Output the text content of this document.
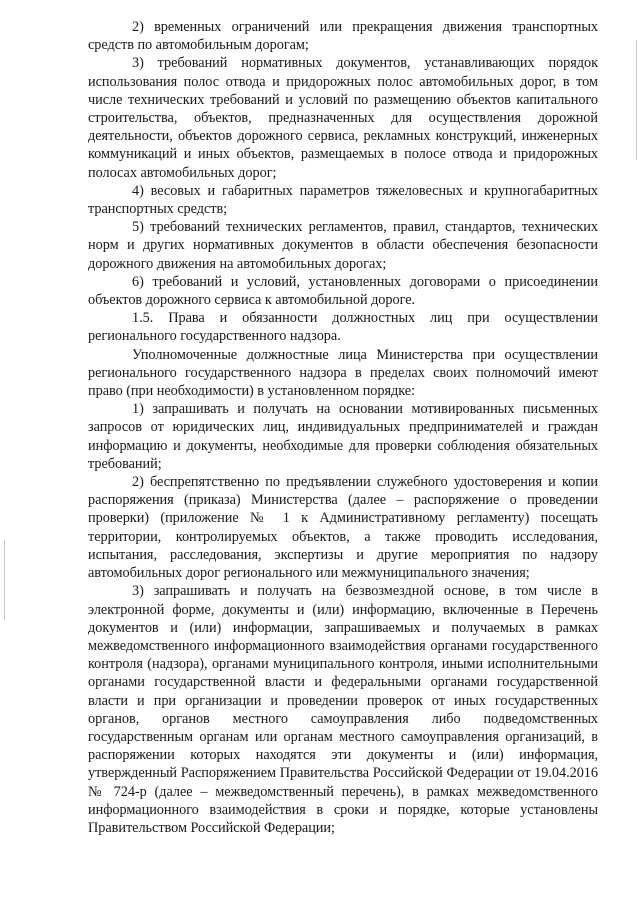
2) временных ограничений или прекращения движения транспортных средств по автомобильным дорогам;

3) требований нормативных документов, устанавливающих порядок использования полос отвода и придорожных полос автомобильных дорог, в том числе технических требований и условий по размещению объектов капитального строительства, объектов, предназначенных для осуществления дорожной деятельности, объектов дорожного сервиса, рекламных конструкций, инженерных коммуникаций и иных объектов, размещаемых в полосе отвода и придорожных полосах автомобильных дорог;

4) весовых и габаритных параметров тяжеловесных и крупногабаритных транспортных средств;

5) требований технических регламентов, правил, стандартов, технических норм и других нормативных документов в области обеспечения безопасности дорожного движения на автомобильных дорогах;

6) требований и условий, установленных договорами о присоединении объектов дорожного сервиса к автомобильной дороге.

1.5. Права и обязанности должностных лиц при осуществлении регионального государственного надзора.

Уполномоченные должностные лица Министерства при осуществлении регионального государственного надзора в пределах своих полномочий имеют право (при необходимости) в установленном порядке:

1) запрашивать и получать на основании мотивированных письменных запросов от юридических лиц, индивидуальных предпринимателей и граждан информацию и документы, необходимые для проверки соблюдения обязательных требований;

2) беспрепятственно по предъявлении служебного удостоверения и копии распоряжения (приказа) Министерства (далее – распоряжение о проведении проверки) (приложение № 1 к Административному регламенту) посещать территории, контролируемых объектов, а также проводить исследования, испытания, расследования, экспертизы и другие мероприятия по надзору автомобильных дорог регионального или межмуниципального значения;

3) запрашивать и получать на безвозмездной основе, в том числе в электронной форме, документы и (или) информацию, включенные в Перечень документов и (или) информации, запрашиваемых и получаемых в рамках межведомственного информационного взаимодействия органами государственного контроля (надзора), органами муниципального контроля, иными исполнительными органами государственной власти и федеральными органами государственной власти и при организации и проведении проверок от иных государственных органов, органов местного самоуправления либо подведомственных государственным органам или органам местного самоуправления организаций, в распоряжении которых находятся эти документы и (или) информация, утвержденный Распоряжением Правительства Российской Федерации от 19.04.2016 № 724-р (далее – межведомственный перечень), в рамках межведомственного информационного взаимодействия в сроки и порядке, которые установлены Правительством Российской Федерации;
